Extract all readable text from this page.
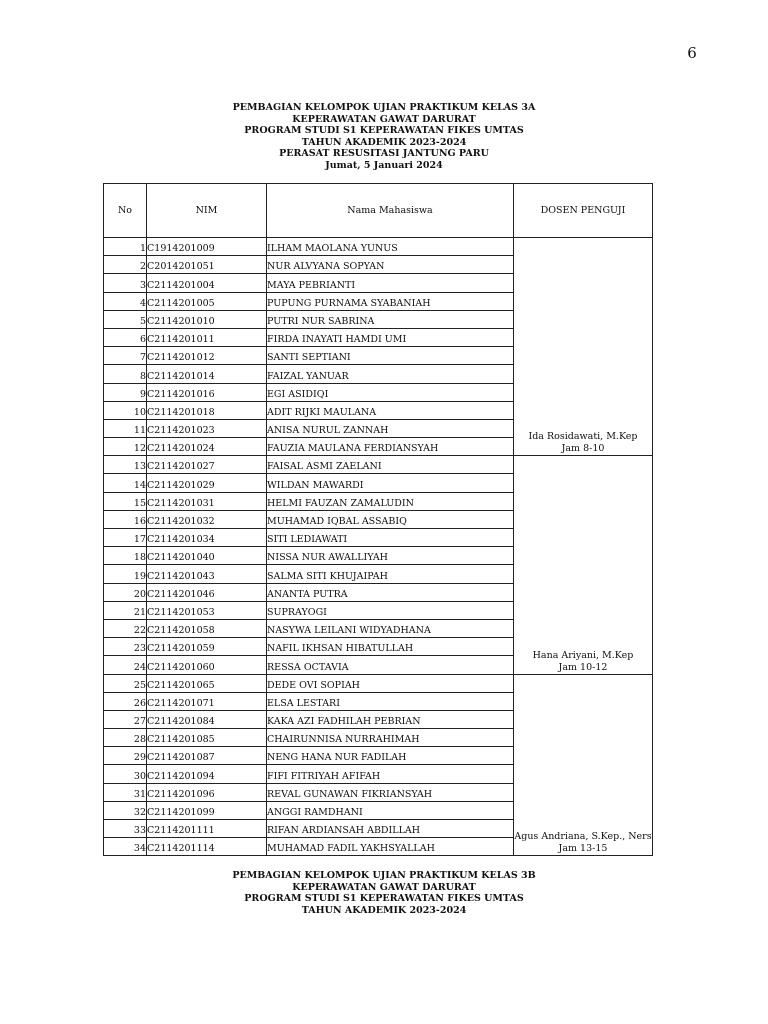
6
PEMBAGIAN KELOMPOK UJIAN PRAKTIKUM KELAS 3A
KEPERAWATAN GAWAT DARURAT
PROGRAM STUDI S1 KEPERAWATAN FIKES UMTAS
TAHUN AKADEMIK 2023-2024
PERASAT RESUSITASI JANTUNG PARU
Jumat, 5 Januari 2024
No	NIM	Nama Mahasiswa	DOSEN PENGUJI
1	C1914201009	ILHAM MAOLANA YUNUS	Ida Rosidawati, M.Kep
Jam 8-10

2	C2014201051	NUR ALVYANA SOPYAN	
3	C2114201004	MAYA PEBRIANTI	
4	C2114201005	PUPUNG PURNAMA SYABANIAH	
5	C2114201010	PUTRI NUR SABRINA	
6	C2114201011	FIRDA INAYATI HAMDI UMI	
7	C2114201012	SANTI SEPTIANI	
8	C2114201014	FAIZAL YANUAR	
9	C2114201016	EGI ASIDIQI	
10	C2114201018	ADIT RIJKI MAULANA	
11	C2114201023	ANISA NURUL ZANNAH	
12	C2114201024	FAUZIA MAULANA FERDIANSYAH	
13	C2114201027	FAISAL ASMI ZAELANI	Hana Ariyani, M.Kep
Jam 10-12

14	C2114201029	WILDAN MAWARDI	
15	C2114201031	HELMI FAUZAN ZAMALUDIN	
16	C2114201032	MUHAMAD IQBAL ASSABIQ	
17	C2114201034	SITI LEDIAWATI	
18	C2114201040	NISSA NUR AWALLIYAH	
19	C2114201043	SALMA SITI KHUJAIPAH	
20	C2114201046	ANANTA PUTRA	
21	C2114201053	SUPRAYOGI	
22	C2114201058	NASYWA LEILANI WIDYADHANA	
23	C2114201059	NAFIL IKHSAN HIBATULLAH	
24	C2114201060	RESSA OCTAVIA	
25	C2114201065	DEDE OVI SOPIAH	Agus Andriana, S.Kep., Ners
Jam 13-15

26	C2114201071	ELSA LESTARI	
27	C2114201084	KAKA AZI FADHILAH PEBRIAN	
28	C2114201085	CHAIRUNNISA NURRAHIMAH	
29	C2114201087	NENG HANA NUR FADILAH	
30	C2114201094	FIFI FITRIYAH AFIFAH	
31	C2114201096	REVAL GUNAWAN FIKRIANSYAH	
32	C2114201099	ANGGI RAMDHANI	
33	C2114201111	RIFAN ARDIANSAH ABDILLAH	
34	C2114201114	MUHAMAD FADIL YAKHSYALLAH	
PEMBAGIAN KELOMPOK UJIAN PRAKTIKUM KELAS 3B
KEPERAWATAN GAWAT DARURAT
PROGRAM STUDI S1 KEPERAWATAN FIKES UMTAS
TAHUN AKADEMIK 2023-2024
